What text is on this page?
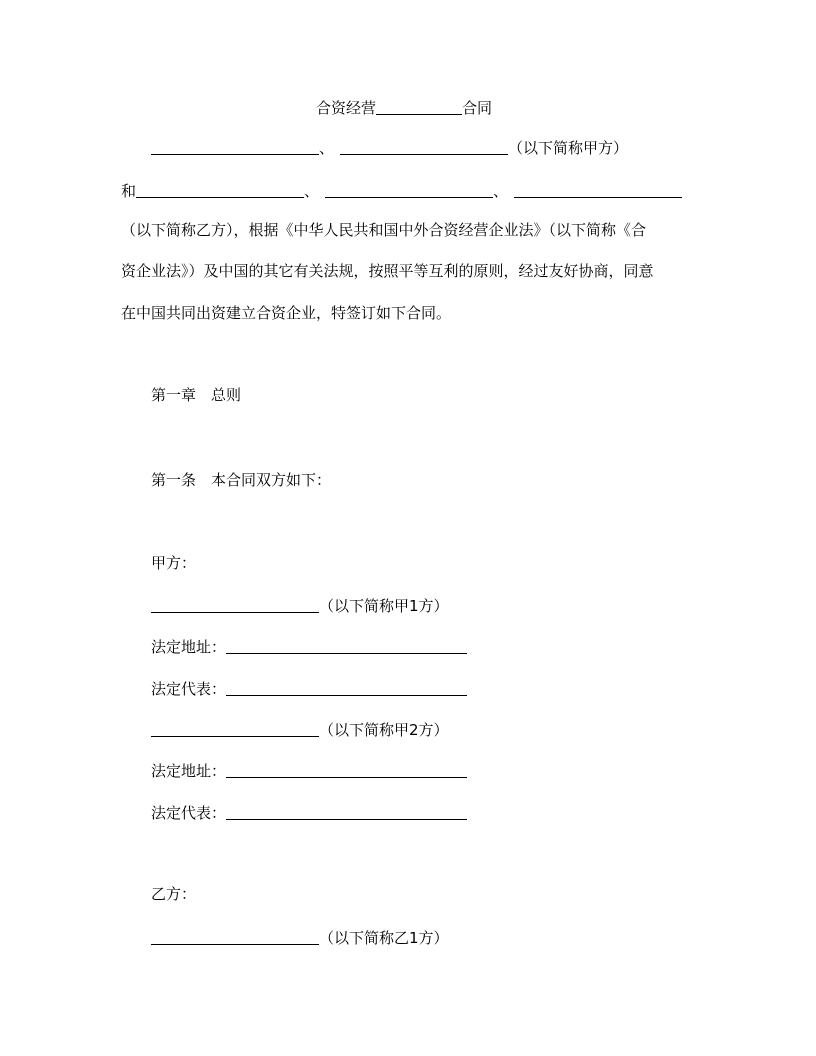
合资经营	合同
、	（以下简称甲方）
和	、	、
（以下简称乙方），根据《中华人民共和国中外合资经营企业法》（以下简称《合
资企业法》）及中国的其它有关法规，按照平等互利的原则，经过友好协商，同意
在中国共同出资建立合资企业，特签订如下合同。
第一章　总则
第一条　本合同双方如下：
甲方：
（以下简称甲1方）
法定地址：
法定代表：
（以下简称甲2方）
法定地址：
法定代表：
乙方：
（以下简称乙1方）
